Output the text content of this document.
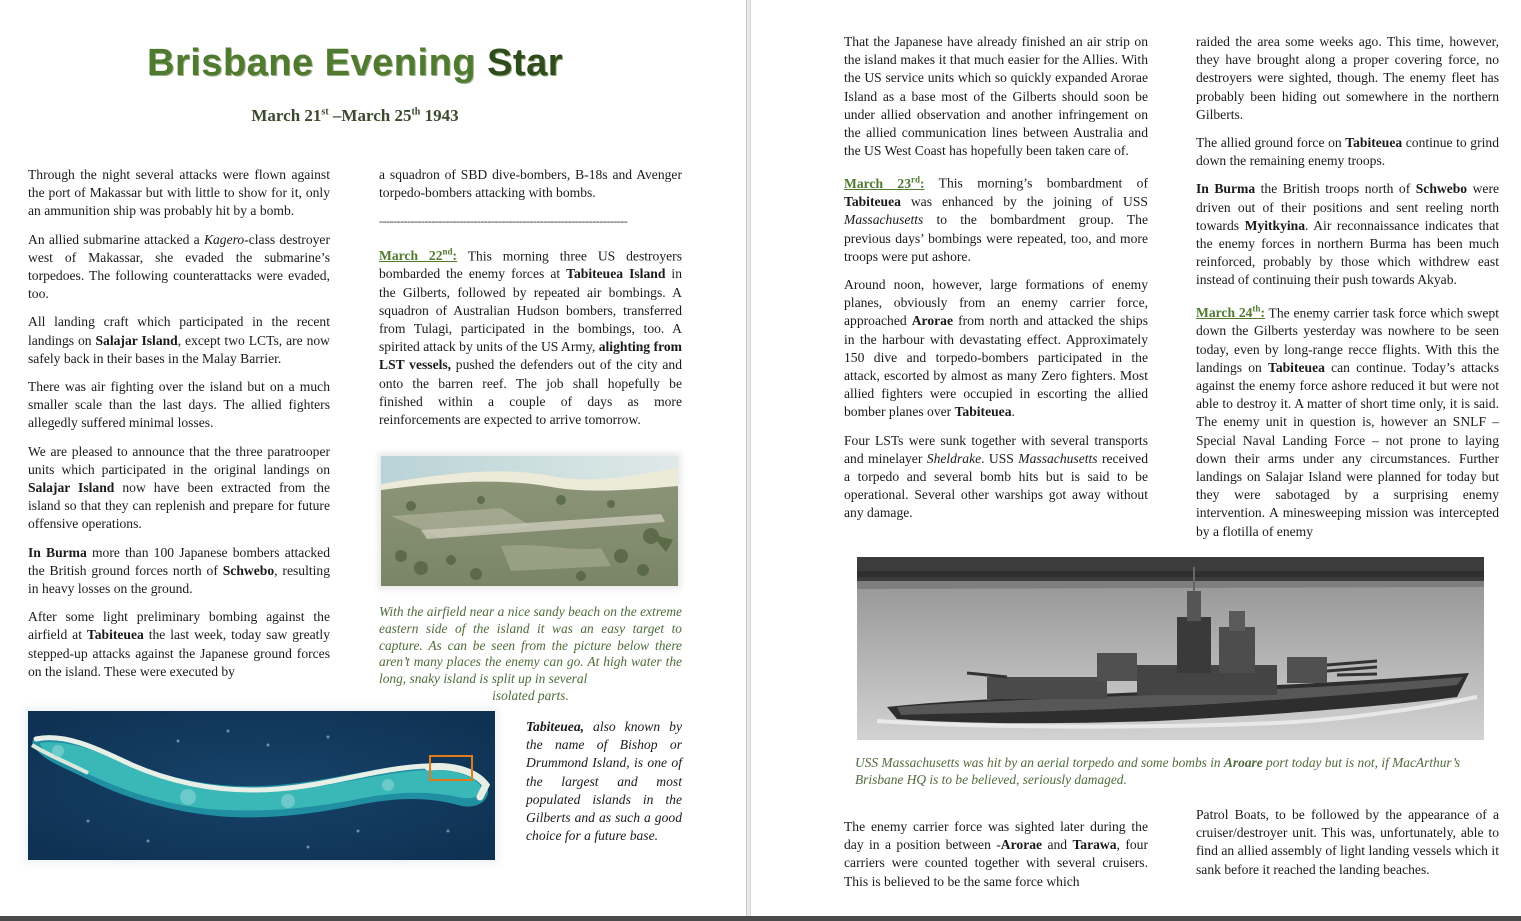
Brisbane Evening Star
March 21st –March 25th 1943

Through the night several attacks were flown against the port of Makassar but with little to show for it, only an ammunition ship was probably hit by a bomb.

An allied submarine attacked a Kagero-class destroyer west of Makassar, she evaded the submarine’s torpedoes. The following counterattacks were evaded, too.

All landing craft which participated in the recent landings on Salajar Island, except two LCTs, are now safely back in their bases in the Malay Barrier.

There was air fighting over the island but on a much smaller scale than the last days. The allied fighters allegedly suffered minimal losses.

We are pleased to announce that the three paratrooper units which participated in the original landings on Salajar Island now have been extracted from the island so that they can replenish and prepare for future offensive operations.

In Burma more than 100 Japanese bombers attacked the British ground forces north of Schwebo, resulting in heavy losses on the ground.

After some light preliminary bombing against the airfield at Tabiteuea the last week, today saw greatly stepped-up attacks against the Japanese ground forces on the island. These were executed by

a squadron of SBD dive-bombers, B-18s and Avenger torpedo-bombers attacking with bombs.

-----------------------------------------------------------------------

March 22nd: This morning three US destroyers bombarded the enemy forces at Tabiteuea Island in the Gilberts, followed by repeated air bombings. A squadron of Australian Hudson bombers, transferred from Tulagi, participated in the bombings, too. A spirited attack by units of the US Army, alighting from LST vessels, pushed the defenders out of the city and onto the barren reef. The job shall hopefully be finished within a couple of days as more reinforcements are expected to arrive tomorrow.

With the airfield near a nice sandy beach on the extreme eastern side of the island it was an easy target to capture. As can be seen from the picture below there aren’t many places the enemy can go. At high water the long, snaky island is split up in several
isolated parts.
Tabiteuea, also known by the name of Bishop or Drummond Island, is one of the largest and most populated islands in the Gilberts and as such a good choice for a future base.

That the Japanese have already finished an air strip on the island makes it that much easier for the Allies. With the US service units which so quickly expanded Arorae Island as a base most of the Gilberts should soon be under allied observation and another infringement on the allied communication lines between Australia and the US West Coast has hopefully been taken care of.

March 23rd: This morning’s bombardment of Tabiteuea was enhanced by the joining of USS Massachusetts to the bombardment group. The previous days’ bombings were repeated, too, and more troops were put ashore.

Around noon, however, large formations of enemy planes, obviously from an enemy carrier force, approached Arorae from north and attacked the ships in the harbour with devastating effect. Approximately 150 dive and torpedo-bombers participated in the attack, escorted by almost as many Zero fighters. Most allied fighters were occupied in escorting the allied bomber planes over Tabiteuea.

Four LSTs were sunk together with several transports and minelayer Sheldrake. USS Massachusetts received a torpedo and several bomb hits but is said to be operational. Several other warships got away without any damage.

raided the area some weeks ago. This time, however, they have brought along a proper covering force, no destroyers were sighted, though. The enemy fleet has probably been hiding out somewhere in the northern Gilberts.

The allied ground force on Tabiteuea continue to grind down the remaining enemy troops.

In Burma the British troops north of Schwebo were driven out of their positions and sent reeling north towards Myitkyina. Air reconnaissance indicates that the enemy forces in northern Burma has been much reinforced, probably by those which withdrew east instead of continuing their push towards Akyab.

March 24th: The enemy carrier task force which swept down the Gilberts yesterday was nowhere to be seen today, even by long-range recce flights. With this the landings on Tabiteuea can continue. Today’s attacks against the enemy force ashore reduced it but were not able to destroy it. A matter of short time only, it is said. The enemy unit in question is, however an SNLF – Special Naval Landing Force – not prone to laying down their arms under any circumstances. Further landings on Salajar Island were planned for today but they were sabotaged by a surprising enemy intervention. A minesweeping mission was intercepted by a flotilla of enemy

USS Massachusetts was hit by an aerial torpedo and some bombs in Aroare port today but is not, if MacArthur’s Brisbane HQ is to be believed, seriously damaged.

The enemy carrier force was sighted later during the day in a position between -Arorae and Tarawa, four carriers were counted together with several cruisers. This is believed to be the same force which

Patrol Boats, to be followed by the appearance of a cruiser/destroyer unit. This was, unfortunately, able to find an allied assembly of light landing vessels which it sank before it reached the landing beaches.
